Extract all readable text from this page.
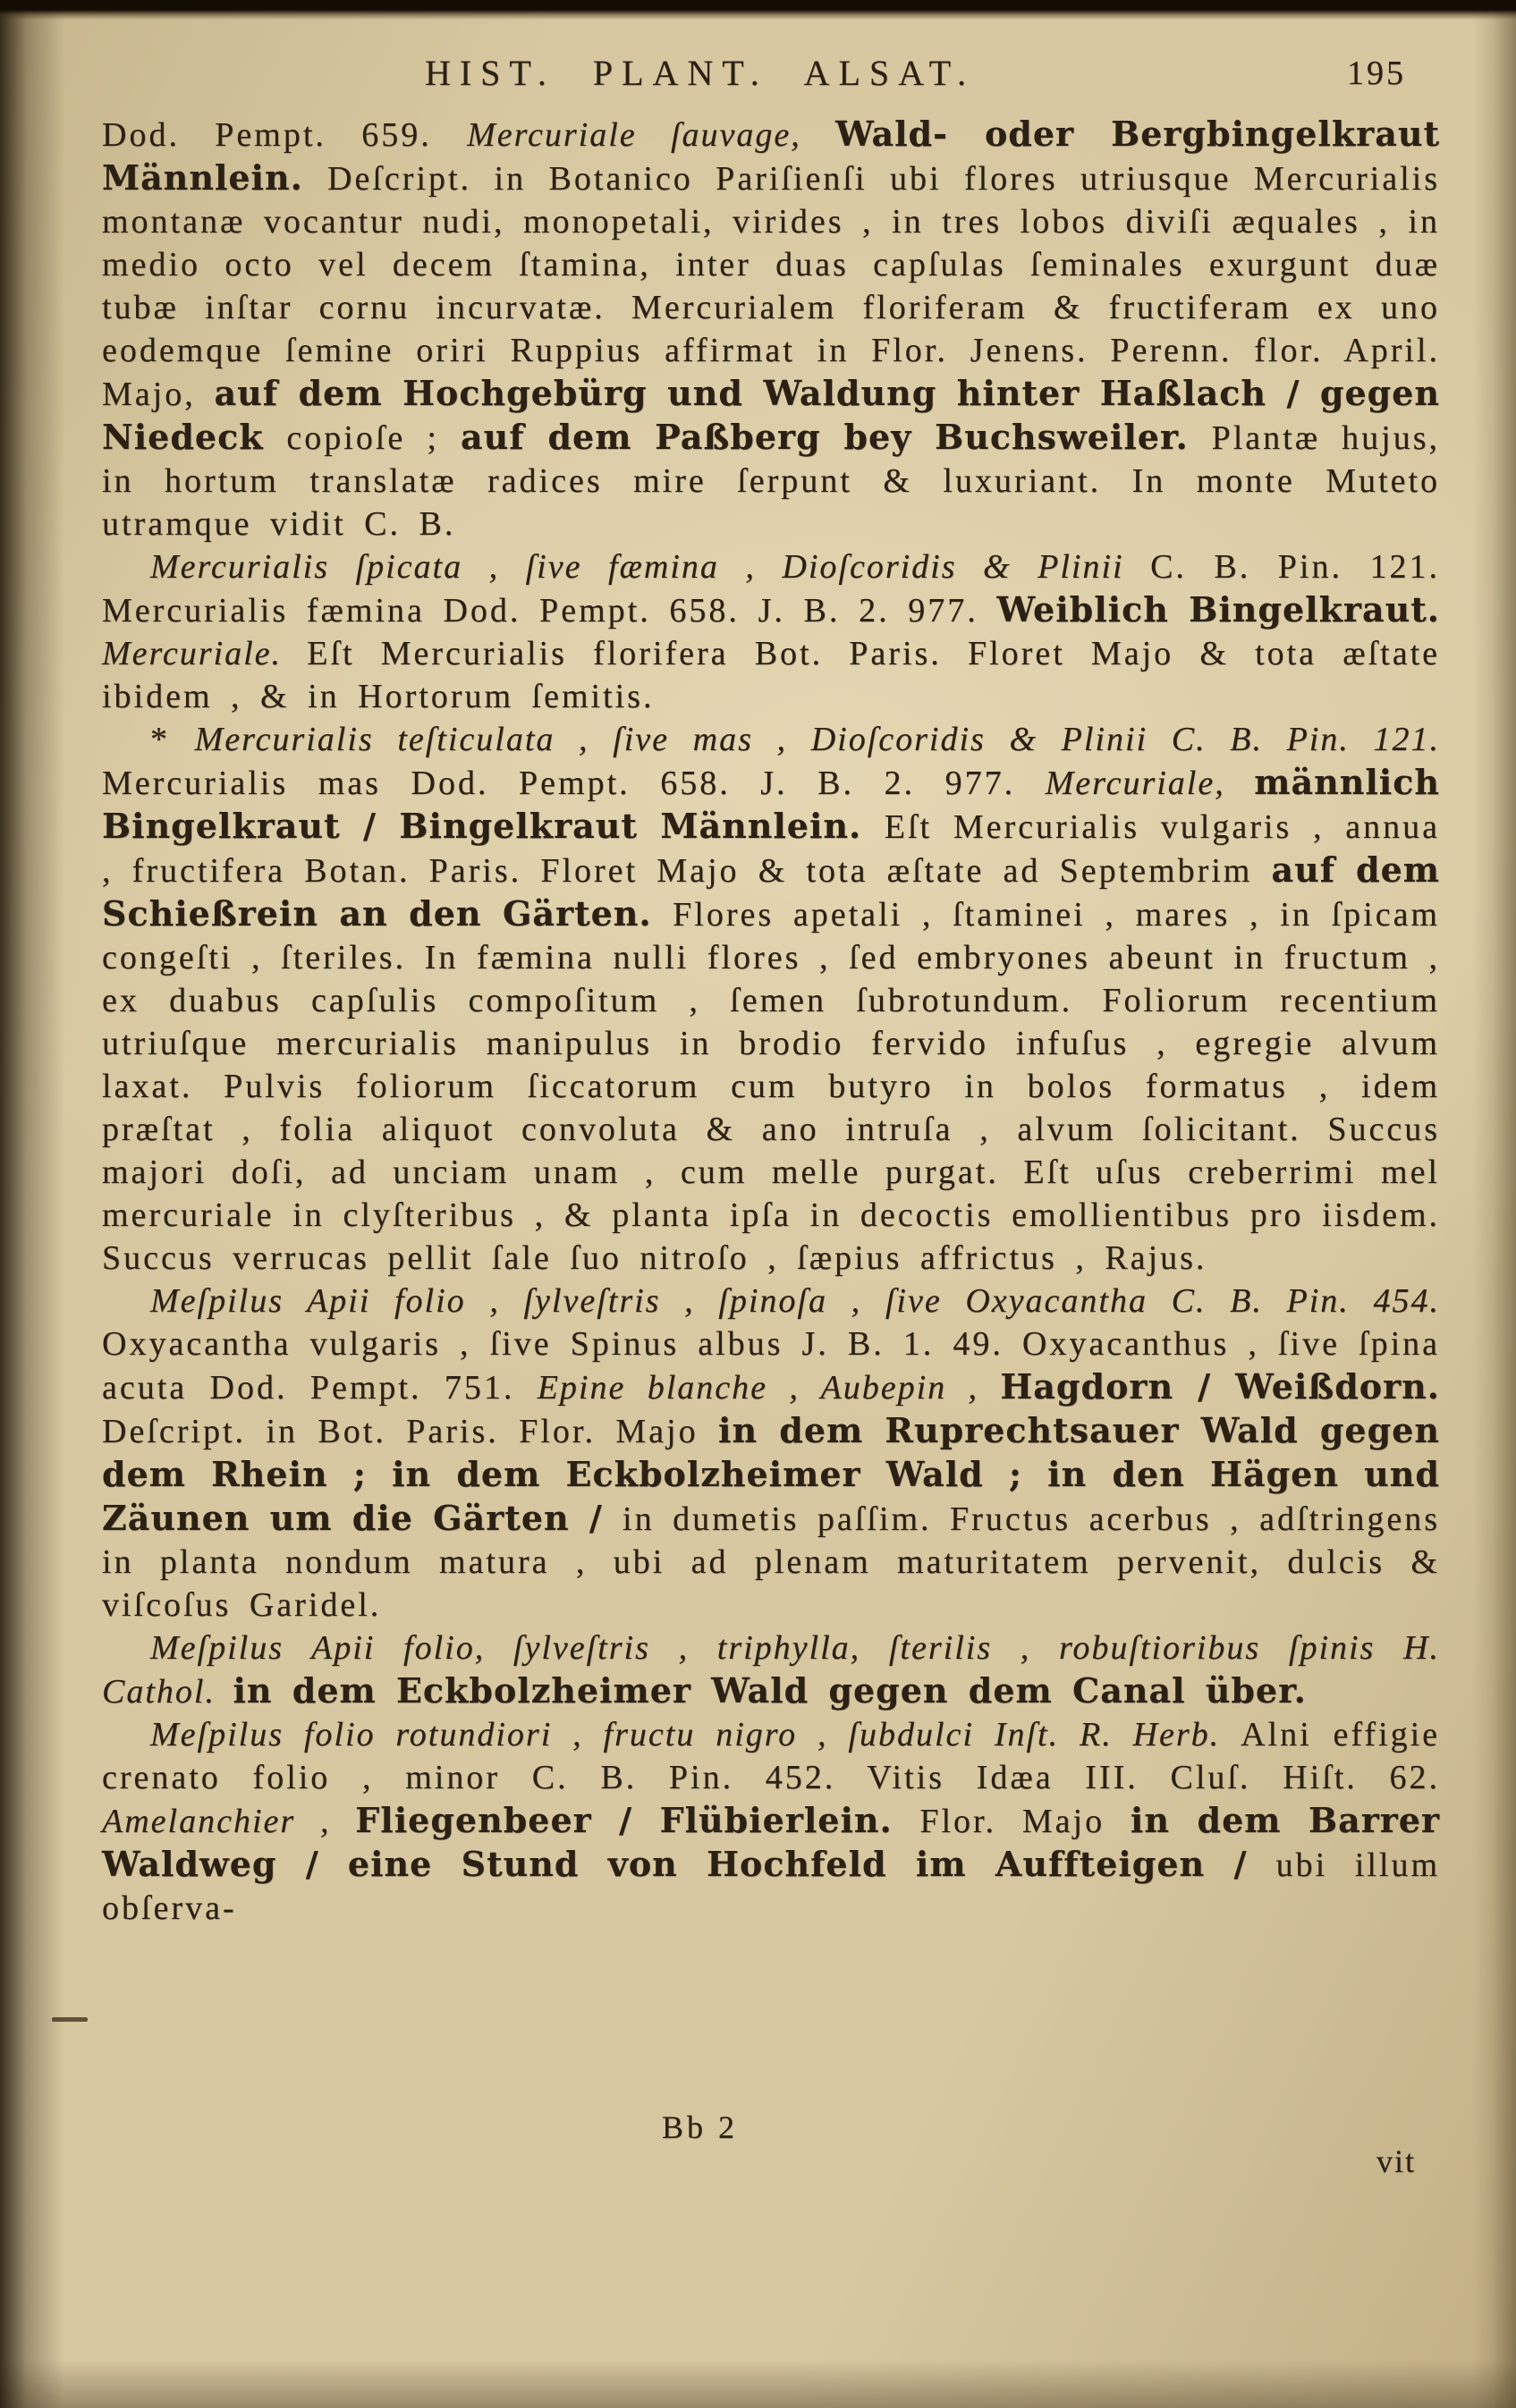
HIST. PLANT. ALSAT.	195

Dod. Pempt. 659. Mercuriale ſauvage, Wald- oder Bergbingelkraut Männlein. Deſcript. in Botanico Pariſienſi ubi flores utriusque Mercurialis montanæ vocantur nudi, monopetali, virides , in tres lobos diviſi æquales , in medio octo vel decem ſtamina, inter duas capſulas ſeminales exurgunt duæ tubæ inſtar cornu incurvatæ. Mercurialem floriferam & fructiferam ex uno eodemque ſemine oriri Ruppius affirmat in Flor. Jenens. Perenn. flor. April. Majo, auf dem Hochgebürg und Waldung hinter Haßlach / gegen Niedeck copioſe ; auf dem Paßberg bey Buchsweiler. Plantæ hujus, in hortum translatæ radices mire ſerpunt & luxuriant. In monte Muteto utramque vidit C. B.

Mercurialis ſpicata , ſive fæmina , Dioſcoridis & Plinii C. B. Pin. 121. Mercurialis fæmina Dod. Pempt. 658. J. B. 2. 977. Weiblich Bingelkraut. Mercuriale. Eſt Mercurialis florifera Bot. Paris. Floret Majo & tota æſtate ibidem , & in Hortorum ſemitis.

* Mercurialis teſticulata , ſive mas , Dioſcoridis & Plinii C. B. Pin. 121. Mercurialis mas Dod. Pempt. 658. J. B. 2. 977. Mercuriale, männlich Bingelkraut / Bingelkraut Männlein. Eſt Mercurialis vulgaris , annua , fructifera Botan. Paris. Floret Majo & tota æſtate ad Septembrim auf dem Schießrein an den Gärten. Flores apetali , ſtaminei , mares , in ſpicam congeſti , ſteriles. In fæmina nulli flores , ſed embryones abeunt in fructum , ex duabus capſulis compoſitum , ſemen ſubrotundum. Foliorum recentium utriuſque mercurialis manipulus in brodio fervido infuſus , egregie alvum laxat. Pulvis foliorum ſiccatorum cum butyro in bolos formatus , idem præſtat , folia aliquot convoluta & ano intruſa , alvum ſolicitant. Succus majori doſi, ad unciam unam , cum melle purgat. Eſt uſus creberrimi mel mercuriale in clyſteribus , & planta ipſa in decoctis emollientibus pro iisdem. Succus verrucas pellit ſale ſuo nitroſo , ſæpius affrictus , Rajus.

Meſpilus Apii folio , ſylveſtris , ſpinoſa , ſive Oxyacantha C. B. Pin. 454. Oxyacantha vulgaris , ſive Spinus albus J. B. 1. 49. Oxyacanthus , ſive ſpina acuta Dod. Pempt. 751. Epine blanche , Aubepin , Hagdorn / Weißdorn. Deſcript. in Bot. Paris. Flor. Majo in dem Ruprechtsauer Wald gegen dem Rhein ; in dem Eckbolzheimer Wald ; in den Hägen und Zäunen um die Gärten / in dumetis paſſim. Fructus acerbus , adſtringens in planta nondum matura , ubi ad plenam maturitatem pervenit, dulcis & viſcoſus Garidel.

Meſpilus Apii folio, ſylveſtris , triphylla, ſterilis , robuſtioribus ſpinis H. Cathol. in dem Eckbolzheimer Wald gegen dem Canal über.

Meſpilus folio rotundiori , fructu nigro , ſubdulci Inſt. R. Herb. Alni effigie crenato folio , minor C. B. Pin. 452. Vitis Idæa III. Cluſ. Hiſt. 62. Amelanchier , Fliegenbeer / Flübierlein. Flor. Majo in dem Barrer Waldweg / eine Stund von Hochfeld im Auffteigen / ubi illum obſerva-

Bb 2
vit
